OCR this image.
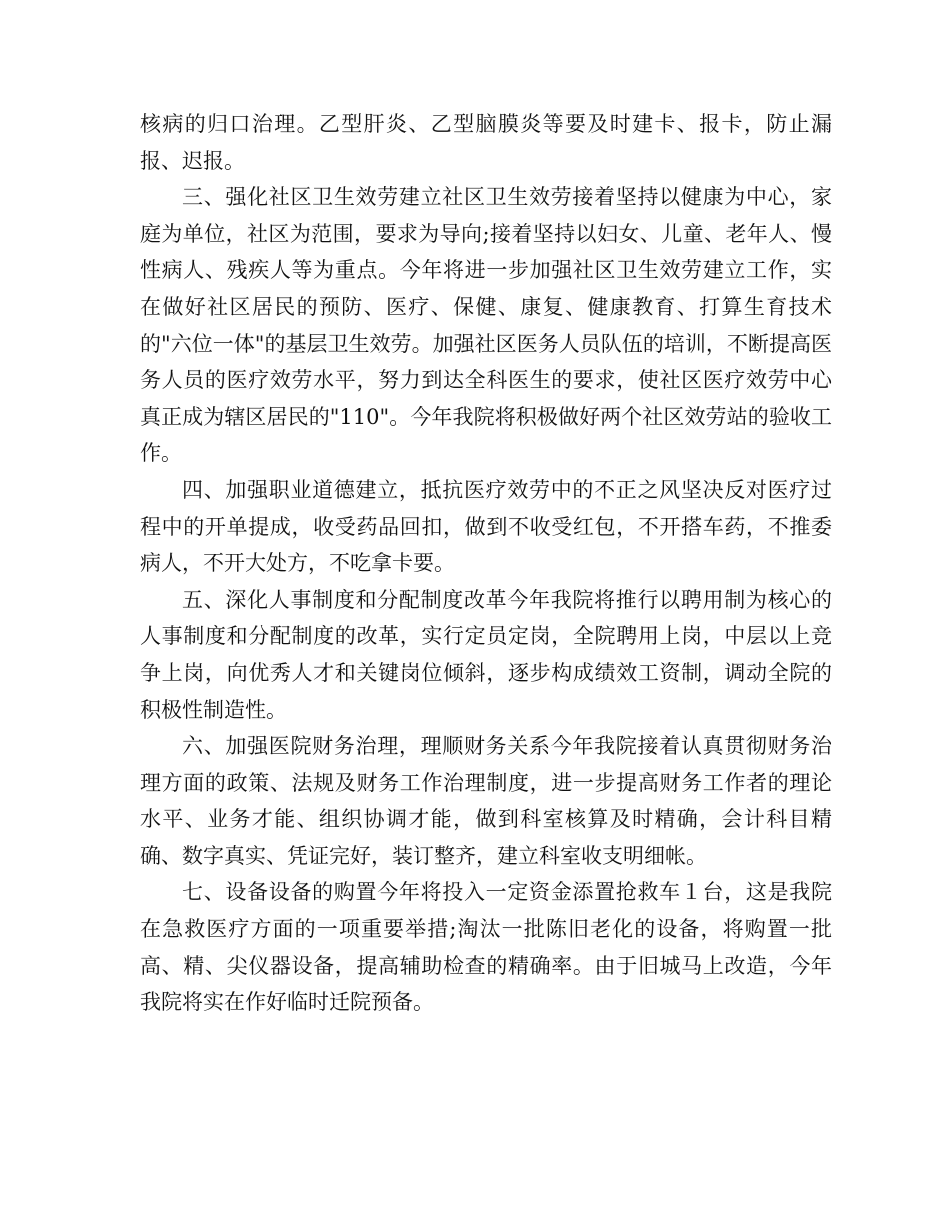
核病的归口治理。乙型肝炎、乙型脑膜炎等要及时建卡、报卡，防止漏报、迟报。

三、强化社区卫生效劳建立社区卫生效劳接着坚持以健康为中心，家庭为单位，社区为范围，要求为导向;接着坚持以妇女、儿童、老年人、慢性病人、残疾人等为重点。今年将进一步加强社区卫生效劳建立工作，实在做好社区居民的预防、医疗、保健、康复、健康教育、打算生育技术的"六位一体"的基层卫生效劳。加强社区医务人员队伍的培训，不断提高医务人员的医疗效劳水平，努力到达全科医生的要求，使社区医疗效劳中心真正成为辖区居民的"110"。今年我院将积极做好两个社区效劳站的验收工作。

四、加强职业道德建立，抵抗医疗效劳中的不正之风坚决反对医疗过程中的开单提成，收受药品回扣，做到不收受红包，不开搭车药，不推委病人，不开大处方，不吃拿卡要。

五、深化人事制度和分配制度改革今年我院将推行以聘用制为核心的人事制度和分配制度的改革，实行定员定岗，全院聘用上岗，中层以上竞争上岗，向优秀人才和关键岗位倾斜，逐步构成绩效工资制，调动全院的积极性制造性。

六、加强医院财务治理，理顺财务关系今年我院接着认真贯彻财务治理方面的政策、法规及财务工作治理制度，进一步提高财务工作者的理论水平、业务才能、组织协调才能，做到科室核算及时精确，会计科目精确、数字真实、凭证完好，装订整齐，建立科室收支明细帐。

七、设备设备的购置今年将投入一定资金添置抢救车１台，这是我院在急救医疗方面的一项重要举措;淘汰一批陈旧老化的设备，将购置一批高、精、尖仪器设备，提高辅助检查的精确率。由于旧城马上改造，今年我院将实在作好临时迁院预备。
